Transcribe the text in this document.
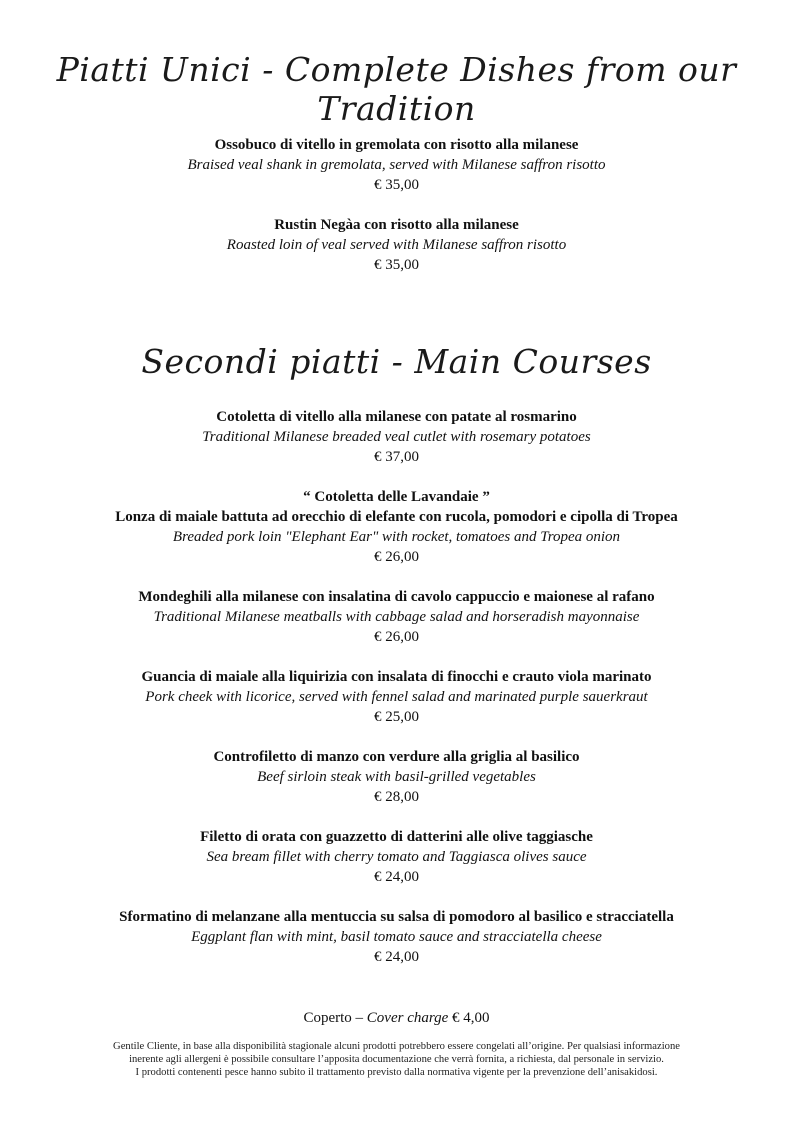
Piatti Unici - Complete Dishes from our Tradition
Ossobuco di vitello in gremolata con risotto alla milanese
Braised veal shank in gremolata, served with Milanese saffron risotto
€ 35,00
Rustin Negàa con risotto alla milanese
Roasted loin of veal served with Milanese saffron risotto
€ 35,00
Secondi piatti - Main Courses
Cotoletta di vitello alla milanese con patate al rosmarino
Traditional Milanese breaded veal cutlet with rosemary potatoes
€ 37,00
“ Cotoletta delle Lavandaie ”
Lonza di maiale battuta ad orecchio di elefante con rucola, pomodori e cipolla di Tropea
Breaded pork loin "Elephant Ear" with rocket, tomatoes and Tropea onion
€ 26,00
Mondeghili alla milanese con insalatina di cavolo cappuccio e maionese al rafano
Traditional Milanese meatballs with cabbage salad and horseradish mayonnaise
€ 26,00
Guancia di maiale alla liquirizia con insalata di finocchi e crauto viola marinato
Pork cheek with licorice, served with fennel salad and marinated purple sauerkraut
€ 25,00
Controfiletto di manzo con verdure alla griglia al basilico
Beef sirloin steak with basil-grilled vegetables
€ 28,00
Filetto di orata con guazzetto di datterini alle olive taggiasche
Sea bream fillet with cherry tomato and Taggiasca olives sauce
€ 24,00
Sformatino di melanzane alla mentuccia su salsa di pomodoro al basilico e stracciatella
Eggplant flan with mint, basil tomato sauce and stracciatella cheese
€ 24,00
Coperto – Cover charge € 4,00
Gentile Cliente, in base alla disponibilità stagionale alcuni prodotti potrebbero essere congelati all’origine. Per qualsiasi informazione
inerente agli allergeni è possibile consultare l’apposita documentazione che verrà fornita, a richiesta, dal personale in servizio.
I prodotti contenenti pesce hanno subito il trattamento previsto dalla normativa vigente per la prevenzione dell’anisakidosi.
